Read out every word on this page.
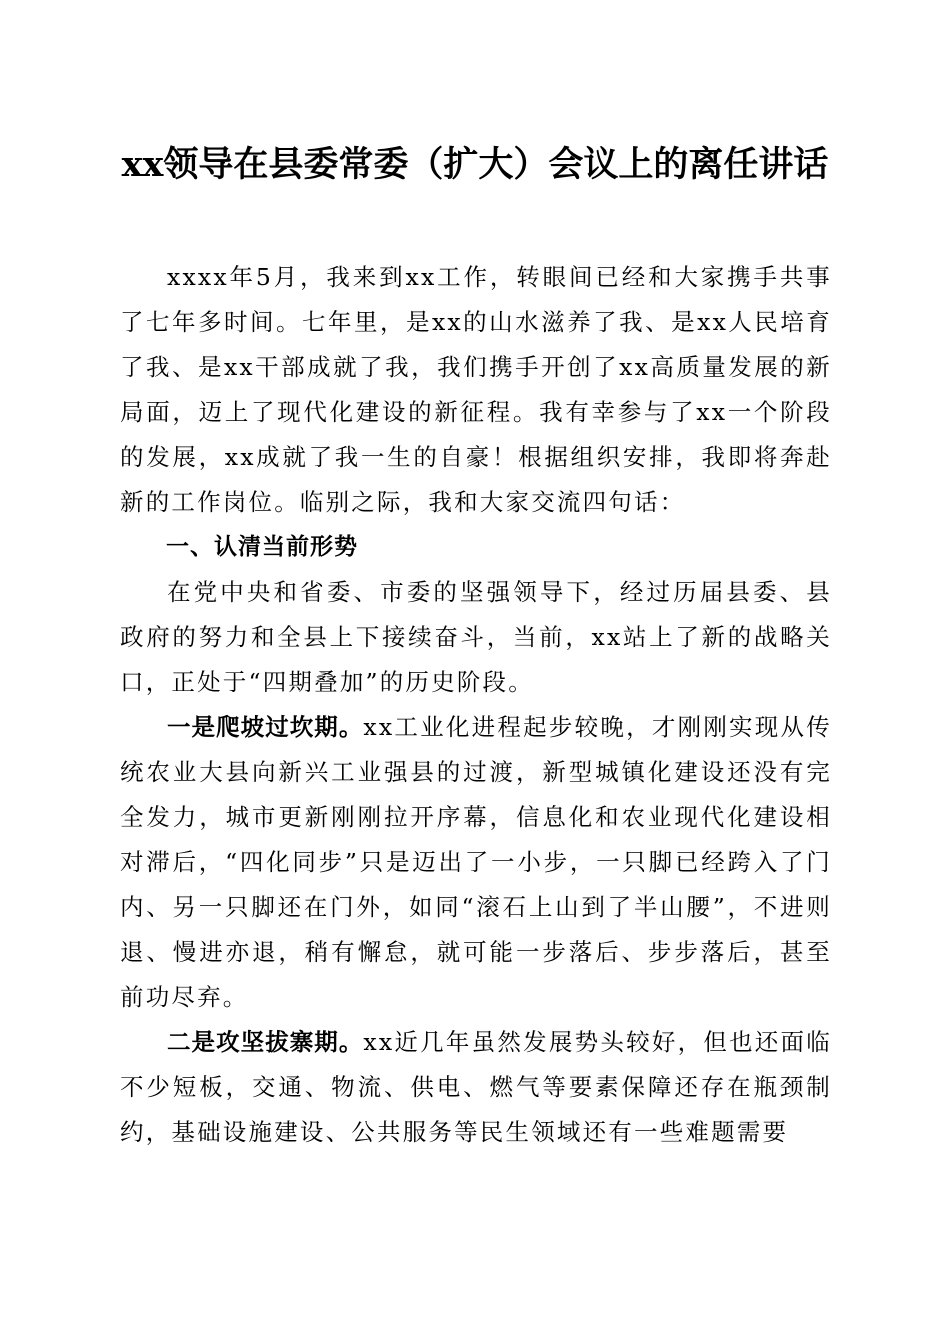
xx领导在县委常委（扩大）会议上的离任讲话

xxxx年5月，我来到xx工作，转眼间已经和大家携手共事了七年多时间。七年里，是xx的山水滋养了我、是xx人民培育了我、是xx干部成就了我，我们携手开创了xx高质量发展的新局面，迈上了现代化建设的新征程。我有幸参与了xx一个阶段的发展，xx成就了我一生的自豪！根据组织安排，我即将奔赴新的工作岗位。临别之际，我和大家交流四句话：

一、认清当前形势

在党中央和省委、市委的坚强领导下，经过历届县委、县政府的努力和全县上下接续奋斗，当前，xx站上了新的战略关口，正处于“四期叠加”的历史阶段。

一是爬坡过坎期。xx工业化进程起步较晚，才刚刚实现从传统农业大县向新兴工业强县的过渡，新型城镇化建设还没有完全发力，城市更新刚刚拉开序幕，信息化和农业现代化建设相对滞后，“四化同步”只是迈出了一小步，一只脚已经跨入了门内、另一只脚还在门外，如同“滚石上山到了半山腰”，不进则退、慢进亦退，稍有懈怠，就可能一步落后、步步落后，甚至前功尽弃。

二是攻坚拔寨期。xx近几年虽然发展势头较好，但也还面临不少短板，交通、物流、供电、燃气等要素保障还存在瓶颈制约，基础设施建设、公共服务等民生领域还有一些难题需要
